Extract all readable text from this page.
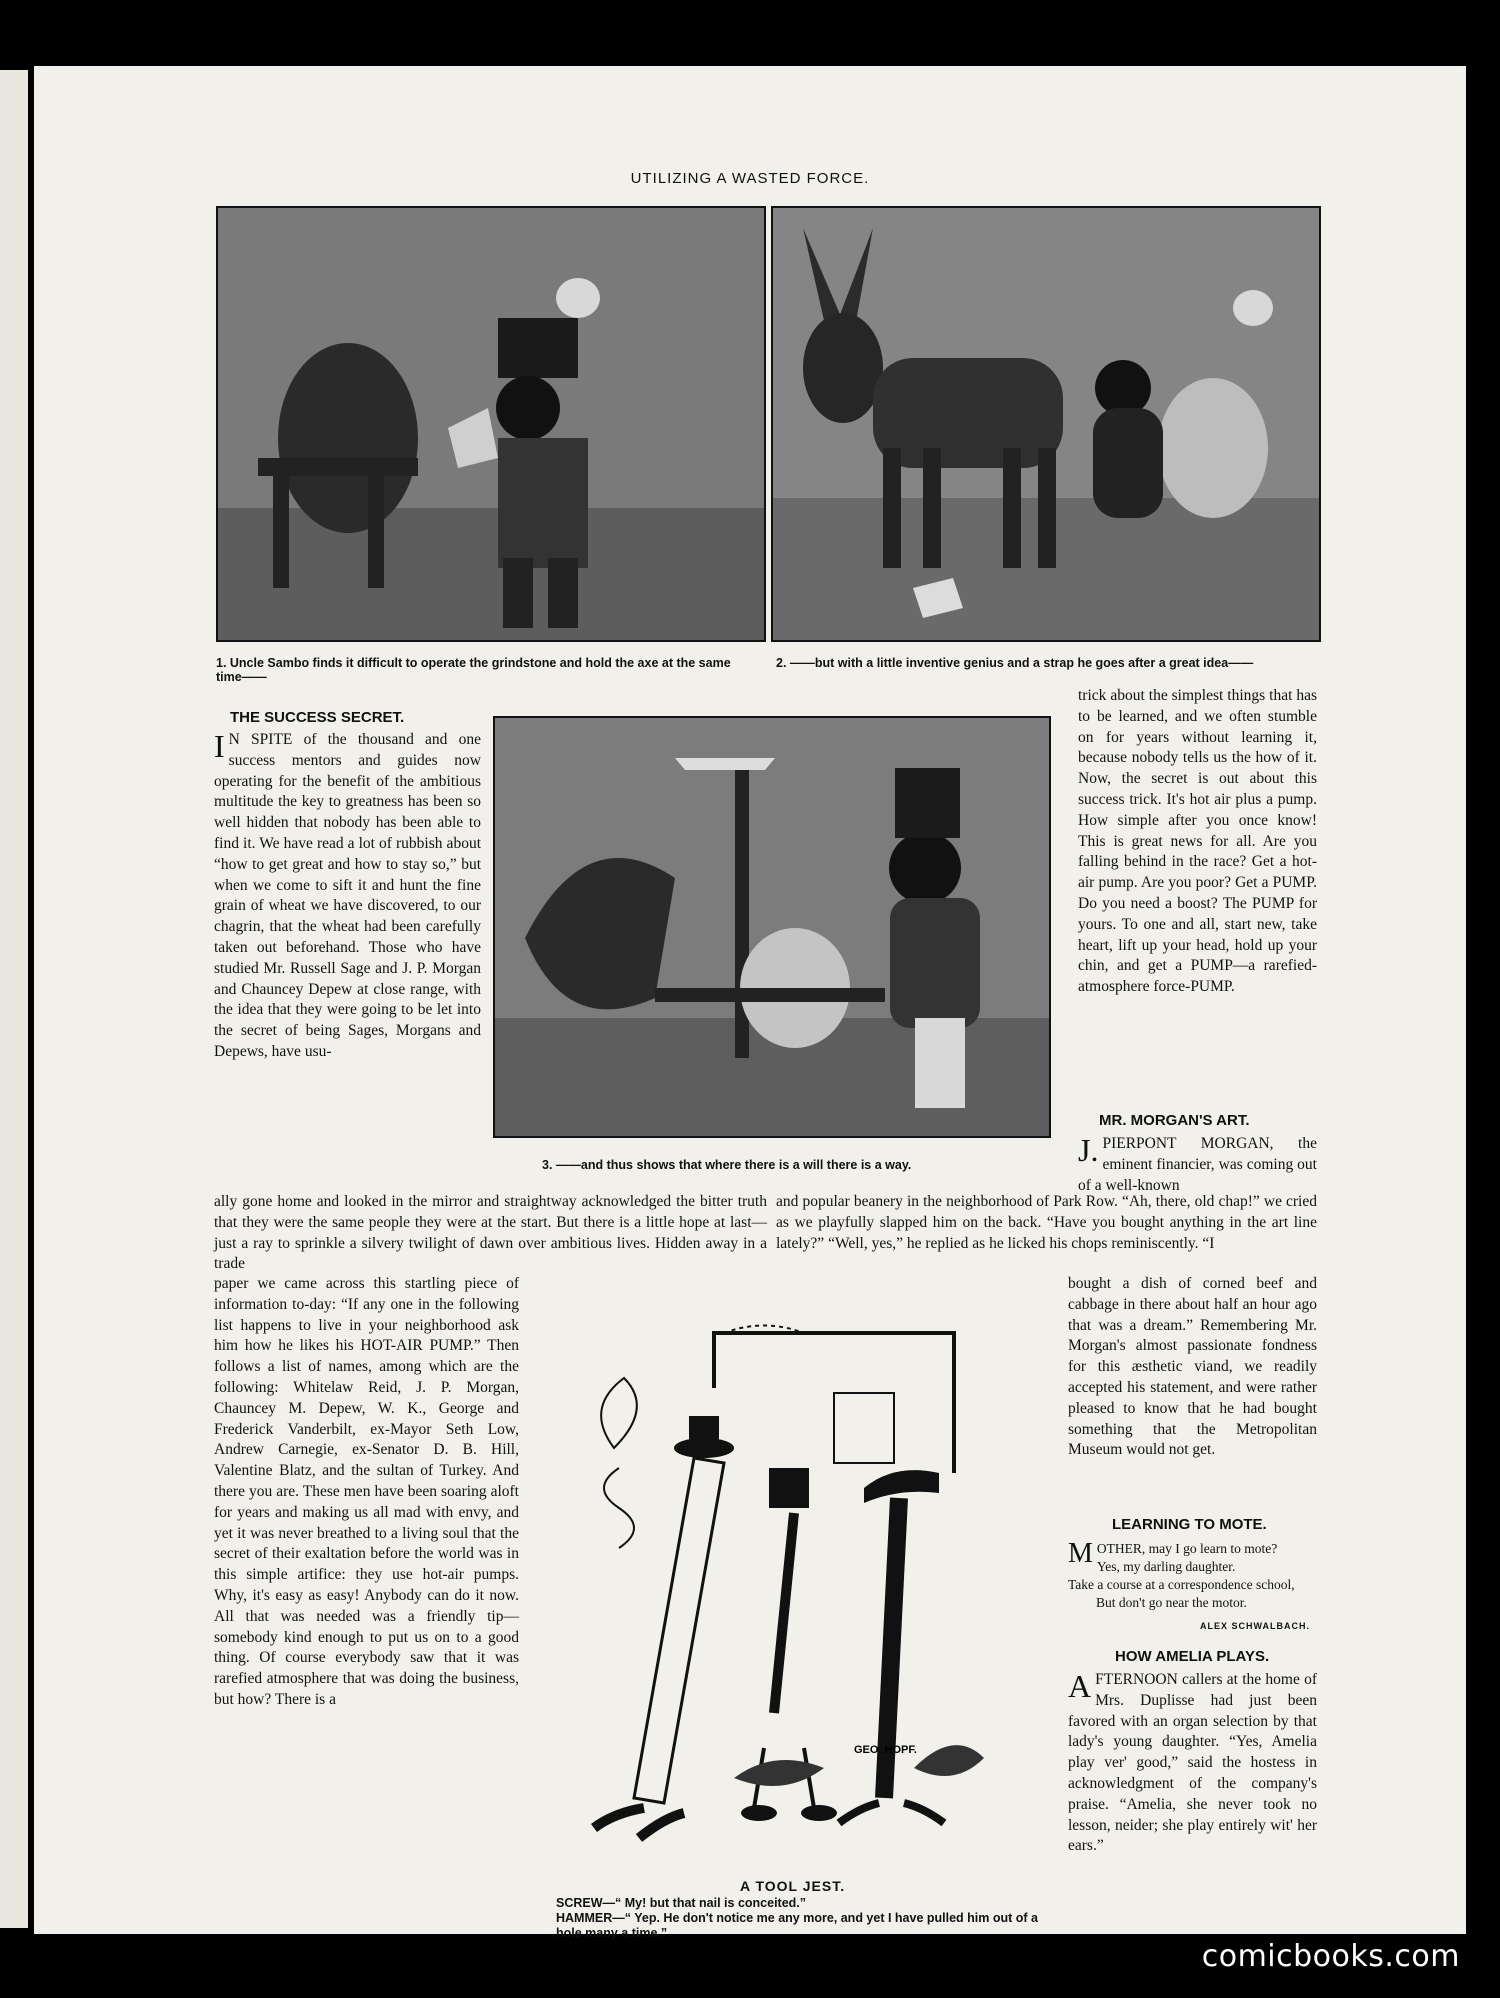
UTILIZING A WASTED FORCE.
1. Uncle Sambo finds it difficult to operate the grindstone and hold the axe at the same time——
2. ——but with a little inventive genius and a strap he goes after a great idea——
3. ——and thus shows that where there is a will there is a way.
THE SUCCESS SECRET.
I N SPITE of the thousand and one success mentors and guides now operating for the benefit of the ambitious multitude the key to greatness has been so well hidden that nobody has been able to find it. We have read a lot of rubbish about “how to get great and how to stay so,” but when we come to sift it and hunt the fine grain of wheat we have discovered, to our chagrin, that the wheat had been carefully taken out beforehand. Those who have studied Mr. Russell Sage and J. P. Morgan and Chauncey Depew at close range, with the idea that they were going to be let into the secret of being Sages, Morgans and Depews, have usu-
ally gone home and looked in the mirror and straightway acknowledged the bitter truth that they were the same people they were at the start. But there is a little hope at last—just a ray to sprinkle a silvery twilight of dawn over ambitious lives. Hidden away in a trade
paper we came across this startling piece of information to-day: “If any one in the following list happens to live in your neighborhood ask him how he likes his HOT-AIR PUMP.” Then follows a list of names, among which are the following: Whitelaw Reid, J. P. Morgan, Chauncey M. Depew, W. K., George and Frederick Vanderbilt, ex-Mayor Seth Low, Andrew Carnegie, ex-Senator D. B. Hill, Valentine Blatz, and the sultan of Turkey. And there you are. These men have been soaring aloft for years and making us all mad with envy, and yet it was never breathed to a living soul that the secret of their exaltation before the world was in this simple artifice: they use hot-air pumps. Why, it's easy as easy! Anybody can do it now. All that was needed was a friendly tip—somebody kind enough to put us on to a good thing. Of course everybody saw that it was rarefied atmosphere that was doing the business, but how? There is a
trick about the simplest things that has to be learned, and we often stumble on for years without learning it, because nobody tells us the how of it. Now, the secret is out about this success trick. It's hot air plus a pump. How simple after you once know! This is great news for all. Are you falling behind in the race? Get a hot-air pump. Are you poor? Get a PUMP. Do you need a boost? The PUMP for yours. To one and all, start new, take heart, lift up your head, hold up your chin, and get a PUMP—a rarefied-atmosphere force-PUMP.
MR. MORGAN'S ART.
J. PIERPONT MORGAN, the eminent financier, was coming out of a well-known
and popular beanery in the neighborhood of Park Row. “Ah, there, old chap!” we cried as we playfully slapped him on the back. “Have you bought anything in the art line lately?” “Well, yes,” he replied as he licked his chops reminiscently. “I
bought a dish of corned beef and cabbage in there about half an hour ago that was a dream.” Remembering Mr. Morgan's almost passionate fondness for this æsthetic viand, we readily accepted his statement, and were rather pleased to know that he had bought something that the Metropolitan Museum would not get.
LEARNING TO MOTE.
M OTHER, may I go learn to mote?
Yes, my darling daughter.
Take a course at a correspondence school,
But don't go near the motor.
ALEX SCHWALBACH.
HOW AMELIA PLAYS.
A FTERNOON callers at the home of Mrs. Duplisse had just been favored with an organ selection by that lady's young daughter. “Yes, Amelia play ver' good,” said the hostess in acknowledgment of the company's praise. “Amelia, she never took no lesson, neider; she play entirely wit' her ears.”
GEO. HOPF.
A TOOL JEST.
SCREW—“ My! but that nail is conceited.”
HAMMER—“ Yep. He don't notice me any more, and yet I have pulled him out of a hole many a time.”
comicbooks.com
